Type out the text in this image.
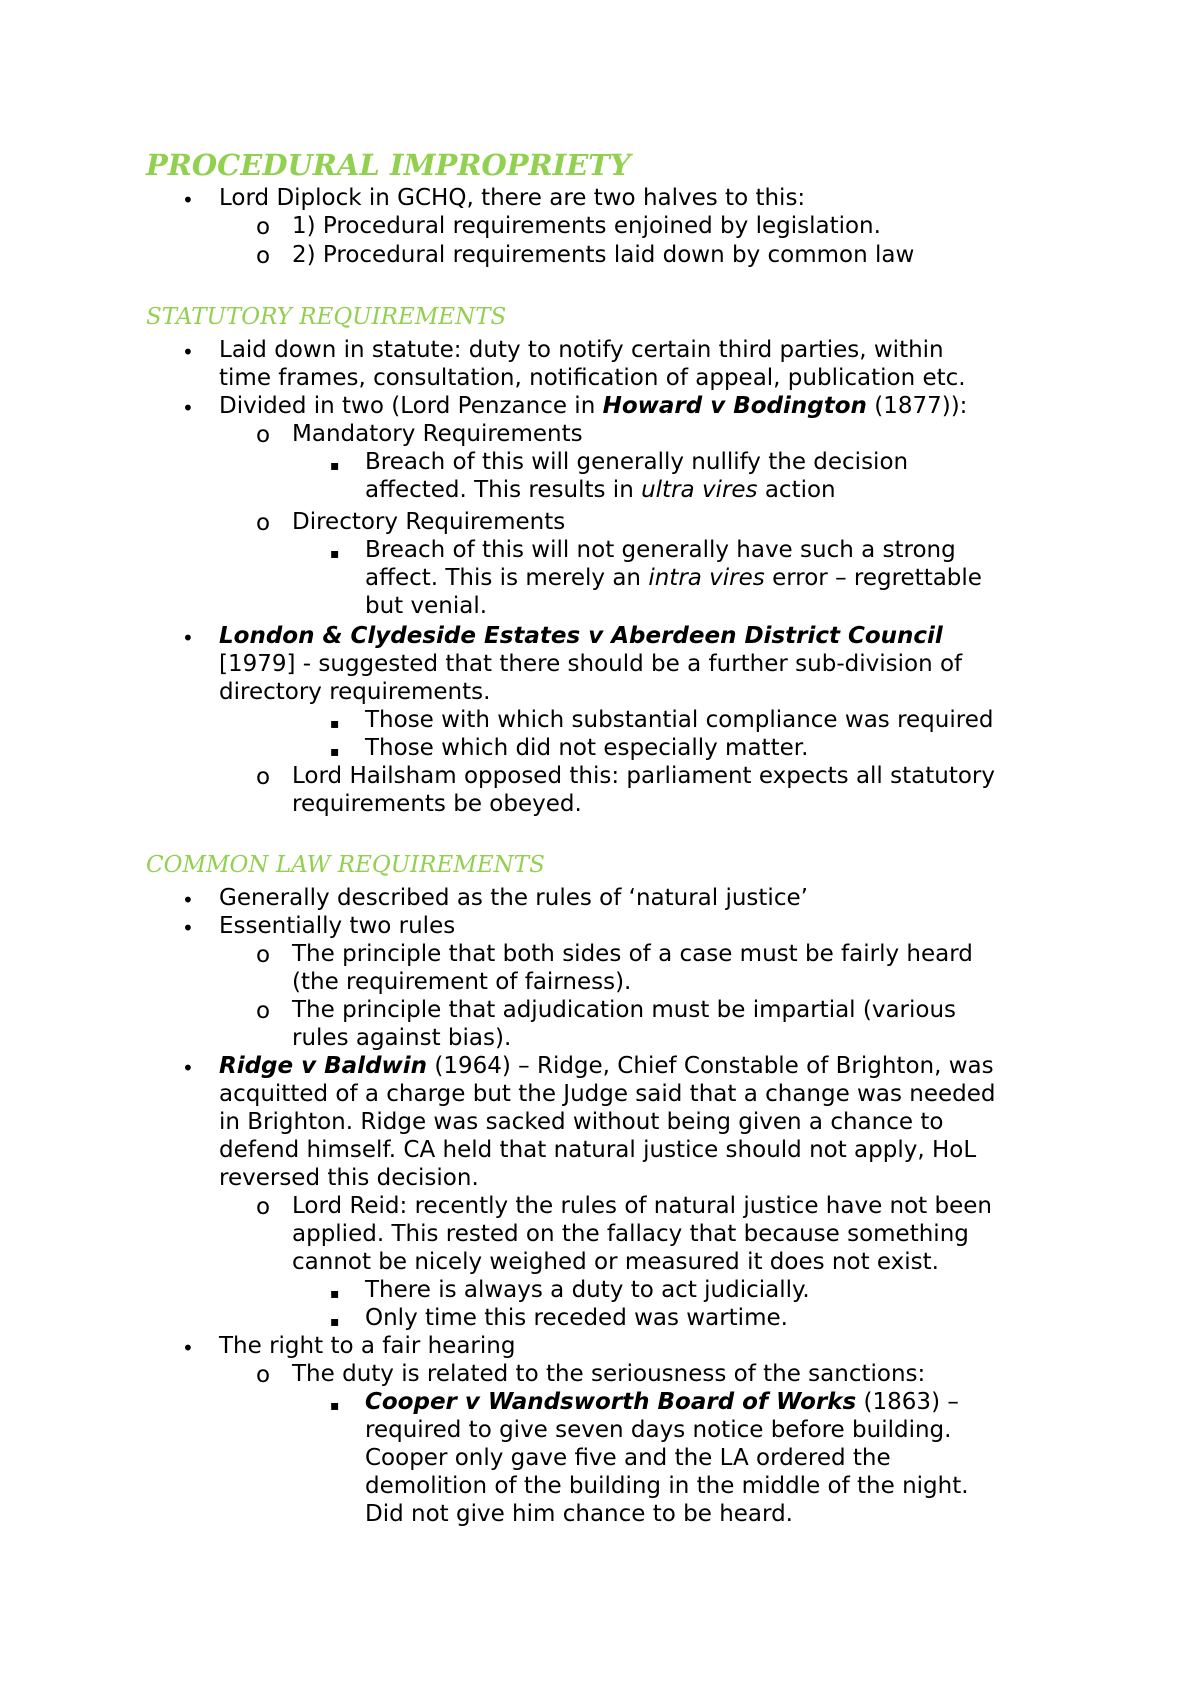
PROCEDURAL IMPROPRIETY
• Lord Diplock in GCHQ, there are two halves to this:
o 1) Procedural requirements enjoined by legislation.
o 2) Procedural requirements laid down by common law
STATUTORY REQUIREMENTS
• Laid down in statute: duty to notify certain third parties, within
time frames, consultation, notification of appeal, publication etc.
• Divided in two (Lord Penzance in Howard v Bodington (1877)):
o Mandatory Requirements
▪ Breach of this will generally nullify the decision
affected. This results in ultra vires action
o Directory Requirements
▪ Breach of this will not generally have such a strong
affect. This is merely an intra vires error – regrettable
but venial.
• London & Clydeside Estates v Aberdeen District Council
[1979] - suggested that there should be a further sub-division of
directory requirements.
▪ Those with which substantial compliance was required
▪ Those which did not especially matter.
o Lord Hailsham opposed this: parliament expects all statutory
requirements be obeyed.
COMMON LAW REQUIREMENTS
• Generally described as the rules of ‘natural justice’
• Essentially two rules
o The principle that both sides of a case must be fairly heard
(the requirement of fairness).
o The principle that adjudication must be impartial (various
rules against bias).
• Ridge v Baldwin (1964) – Ridge, Chief Constable of Brighton, was
acquitted of a charge but the Judge said that a change was needed
in Brighton. Ridge was sacked without being given a chance to
defend himself. CA held that natural justice should not apply, HoL
reversed this decision.
o Lord Reid: recently the rules of natural justice have not been
applied. This rested on the fallacy that because something
cannot be nicely weighed or measured it does not exist.
▪ There is always a duty to act judicially.
▪ Only time this receded was wartime.
• The right to a fair hearing
o The duty is related to the seriousness of the sanctions:
▪ Cooper v Wandsworth Board of Works (1863) –
required to give seven days notice before building.
Cooper only gave five and the LA ordered the
demolition of the building in the middle of the night.
Did not give him chance to be heard.
